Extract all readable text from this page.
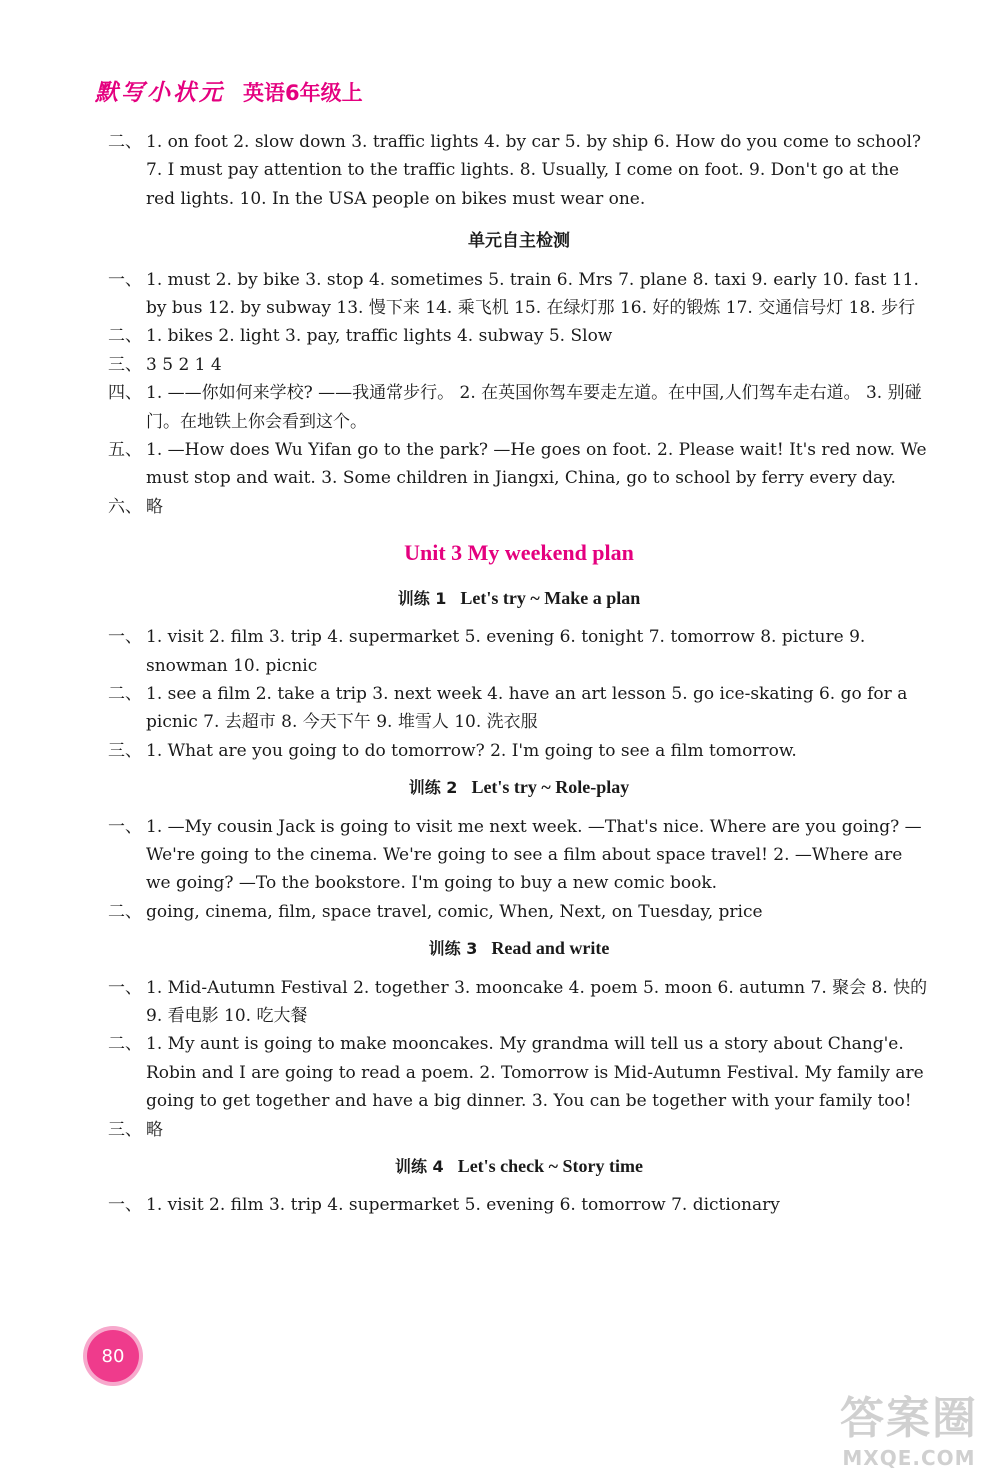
默写小状元 英语6年级上

二、 1. on foot 2. slow down 3. traffic lights 4. by car 5. by ship 6. How do you come to school? 7. I must pay attention to the traffic lights. 8. Usually, I come on foot. 9. Don't go at the red lights. 10. In the USA people on bikes must wear one.

单元自主检测

一、 1. must 2. by bike 3. stop 4. sometimes 5. train 6. Mrs 7. plane 8. taxi 9. early 10. fast 11. by bus 12. by subway 13. 慢下来 14. 乘飞机 15. 在绿灯那 16. 好的锻炼 17. 交通信号灯 18. 步行

二、 1. bikes 2. light 3. pay, traffic lights 4. subway 5. Slow

三、 3 5 2 1 4

四、 1. ——你如何来学校? ——我通常步行。 2. 在英国你驾车要走左道。在中国,人们驾车走右道。 3. 别碰门。在地铁上你会看到这个。

五、 1. —How does Wu Yifan go to the park? —He goes on foot. 2. Please wait! It's red now. We must stop and wait. 3. Some children in Jiangxi, China, go to school by ferry every day.

六、 略

Unit 3 My weekend plan
训练 1 Let's try ~ Make a plan

一、 1. visit 2. film 3. trip 4. supermarket 5. evening 6. tonight 7. tomorrow 8. picture 9. snowman 10. picnic

二、 1. see a film 2. take a trip 3. next week 4. have an art lesson 5. go ice-skating 6. go for a picnic 7. 去超市 8. 今天下午 9. 堆雪人 10. 洗衣服

三、 1. What are you going to do tomorrow? 2. I'm going to see a film tomorrow.

训练 2 Let's try ~ Role-play

一、 1. —My cousin Jack is going to visit me next week. —That's nice. Where are you going? —We're going to the cinema. We're going to see a film about space travel! 2. —Where are we going? —To the bookstore. I'm going to buy a new comic book.

二、 going, cinema, film, space travel, comic, When, Next, on Tuesday, price

训练 3 Read and write

一、 1. Mid-Autumn Festival 2. together 3. mooncake 4. poem 5. moon 6. autumn 7. 聚会 8. 快的 9. 看电影 10. 吃大餐

二、 1. My aunt is going to make mooncakes. My grandma will tell us a story about Chang'e. Robin and I are going to read a poem. 2. Tomorrow is Mid-Autumn Festival. My family are going to get together and have a big dinner. 3. You can be together with your family too!

三、 略

训练 4 Let's check ~ Story time

一、 1. visit 2. film 3. trip 4. supermarket 5. evening 6. tomorrow 7. dictionary

80
答案圈
MXQE.COM
